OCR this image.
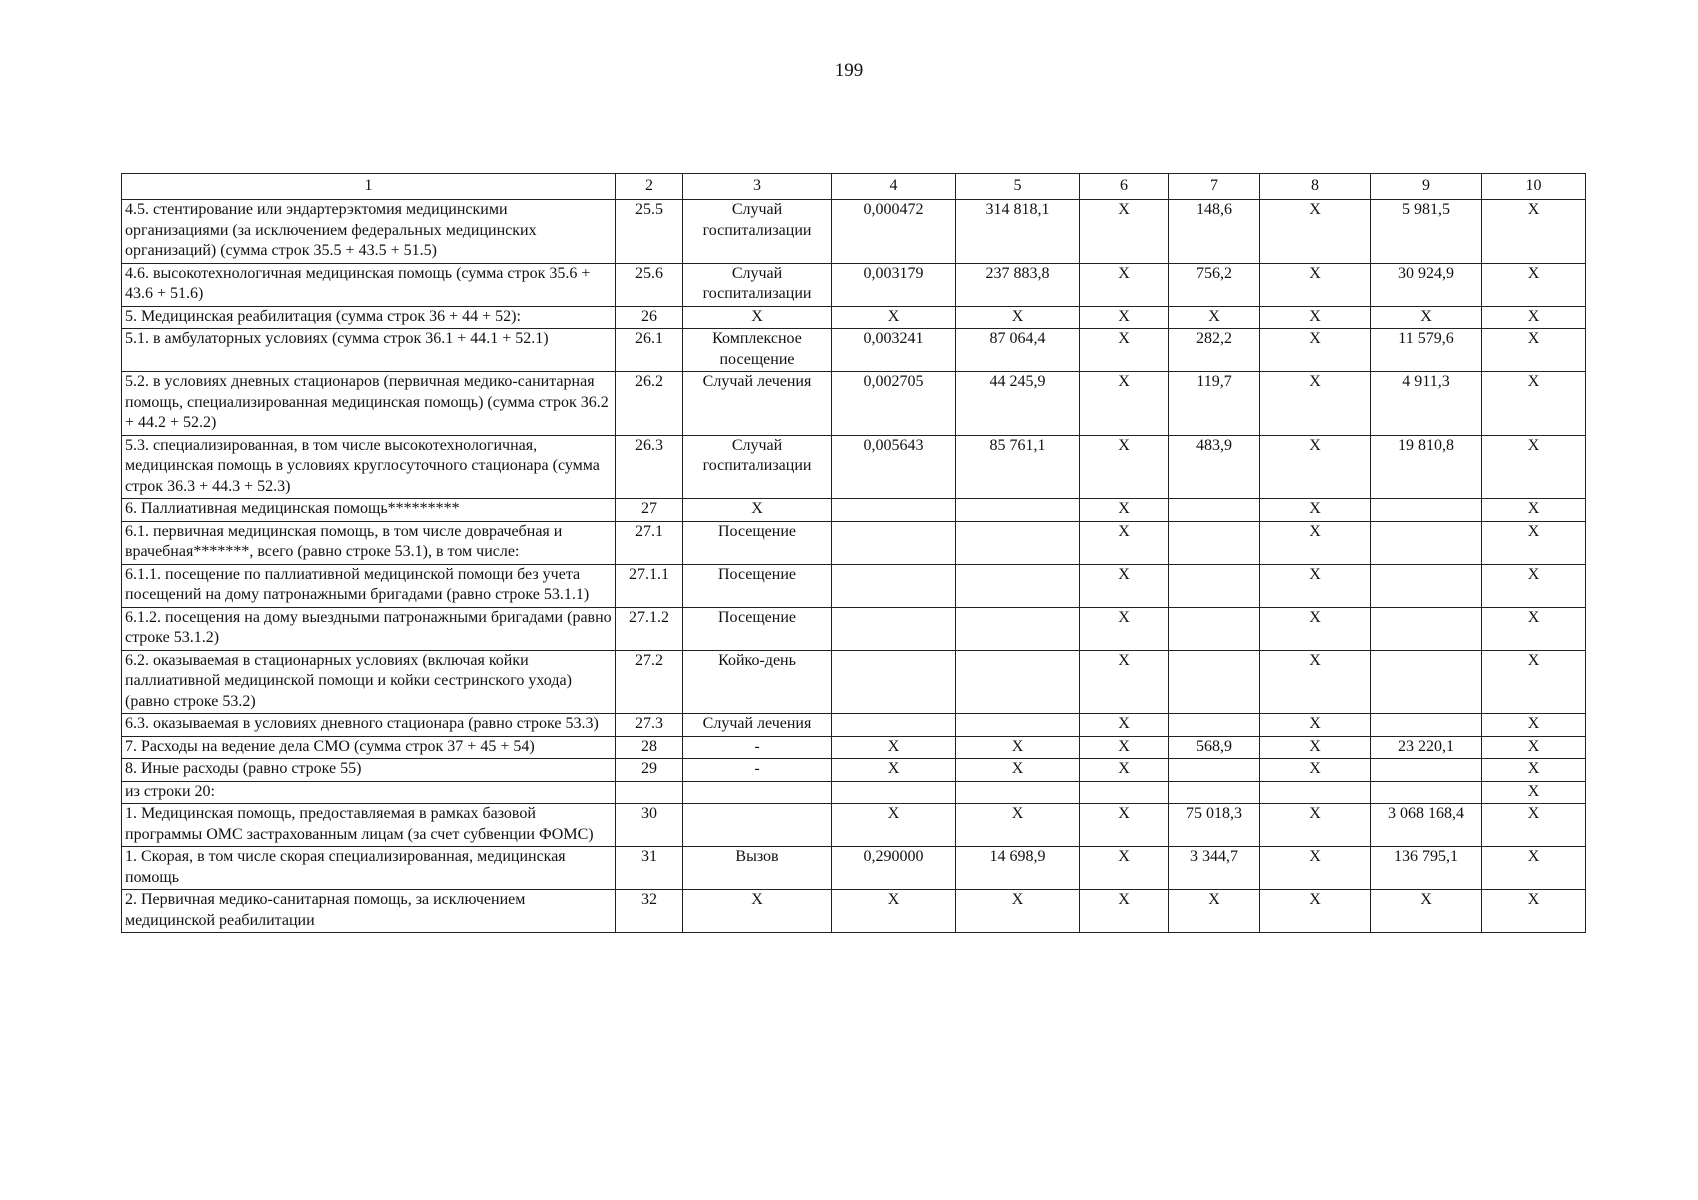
199
1	2	3	4	5	6	7	8	9	10
4.5. стентирование или эндартерэктомия медицинскими организациями (за исключением федеральных медицинских организаций) (сумма строк 35.5 + 43.5 + 51.5)	25.5	Случай госпитализации	0,000472	314 818,1	X	148,6	X	5 981,5	X
4.6. высокотехнологичная медицинская помощь (сумма строк 35.6 + 43.6 + 51.6)	25.6	Случай госпитализации	0,003179	237 883,8	X	756,2	X	30 924,9	X
5. Медицинская реабилитация (сумма строк 36 + 44 + 52):	26	X	X	X	X	X	X	X	X
5.1. в амбулаторных условиях (сумма строк 36.1 + 44.1 + 52.1)	26.1	Комплексное посещение	0,003241	87 064,4	X	282,2	X	11 579,6	X
5.2. в условиях дневных стационаров (первичная медико-санитарная помощь, специализированная медицинская помощь) (сумма строк 36.2 + 44.2 + 52.2)	26.2	Случай лечения	0,002705	44 245,9	X	119,7	X	4 911,3	X
5.3. специализированная, в том числе высокотехнологичная, медицинская помощь в условиях круглосуточного стационара (сумма строк 36.3 + 44.3 + 52.3)	26.3	Случай госпитализации	0,005643	85 761,1	X	483,9	X	19 810,8	X
6. Паллиативная медицинская помощь*********	27	X			X		X		X
6.1. первичная медицинская помощь, в том числе доврачебная и врачебная*******, всего (равно строке 53.1), в том числе:	27.1	Посещение			X		X		X
6.1.1. посещение по паллиативной медицинской помощи без учета посещений на дому патронажными бригадами (равно строке 53.1.1)	27.1.1	Посещение			X		X		X
6.1.2. посещения на дому выездными патронажными бригадами (равно строке 53.1.2)	27.1.2	Посещение			X		X		X
6.2. оказываемая в стационарных условиях (включая койки паллиативной медицинской помощи и койки сестринского ухода) (равно строке 53.2)	27.2	Койко-день			X		X		X
6.3. оказываемая в условиях дневного стационара (равно строке 53.3)	27.3	Случай лечения			X		X		X
7. Расходы на ведение дела СМО (сумма строк 37 + 45 + 54)	28	-	X	X	X	568,9	X	23 220,1	X
8. Иные расходы (равно строке 55)	29	-	X	X	X		X		X
из строки 20:									X
1. Медицинская помощь, предоставляемая в рамках базовой программы ОМС застрахованным лицам (за счет субвенции ФОМС)	30		X	X	X	75 018,3	X	3 068 168,4	X
1. Скорая, в том числе скорая специализированная, медицинская помощь	31	Вызов	0,290000	14 698,9	X	3 344,7	X	136 795,1	X
2. Первичная медико-санитарная помощь, за исключением медицинской реабилитации	32	X	X	X	X	X	X	X	X
